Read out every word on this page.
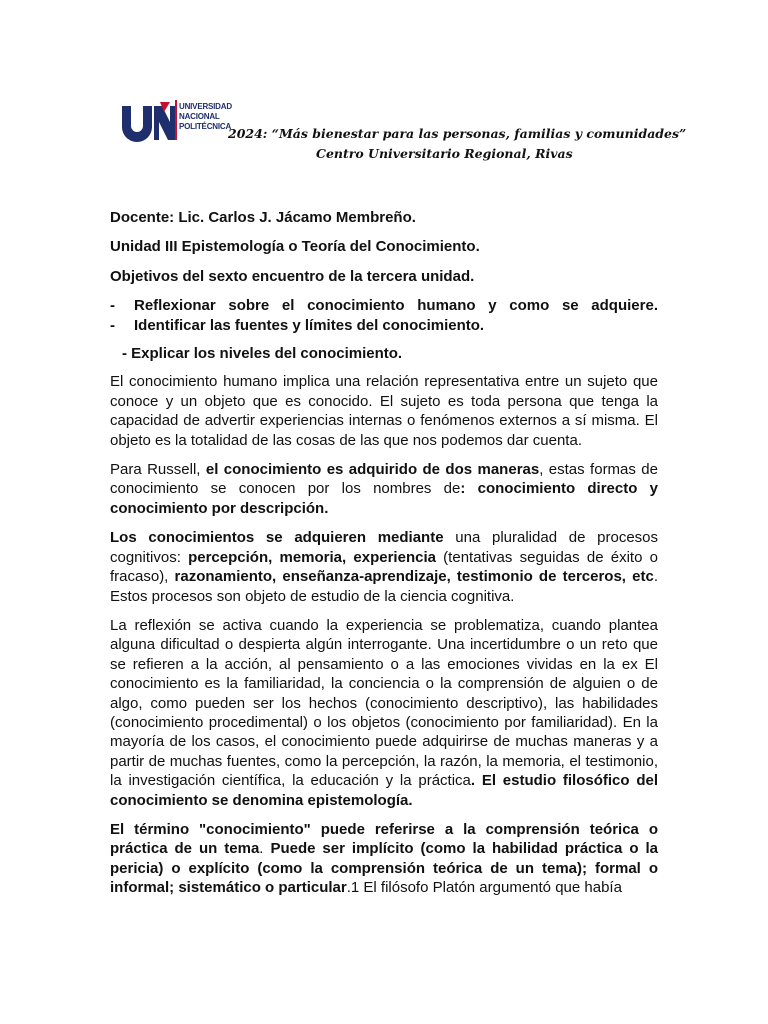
UNIVERSIDAD
NACIONAL
POLITÉCNICA
2024: “Más bienestar para las personas, familias y comunidades”
Centro Universitario Regional, Rivas

Docente: Lic. Carlos J. Jácamo Membreño.

Unidad III Epistemología o Teoría del Conocimiento.

Objetivos del sexto encuentro de la tercera unidad.

-	Reflexionar sobre el conocimiento humano y como se adquiere.

-	Identificar las fuentes y límites del conocimiento.

- Explicar los niveles del conocimiento.

El conocimiento humano implica una relación representativa entre un sujeto que conoce y un objeto que es conocido. El sujeto es toda persona que tenga la capacidad de advertir experiencias internas o fenómenos externos a sí misma. El objeto es la totalidad de las cosas de las que nos podemos dar cuenta.

Para Russell, el conocimiento es adquirido de dos maneras, estas formas de conocimiento se conocen por los nombres de: conocimiento directo y conocimiento por descripción.

Los conocimientos se adquieren mediante una pluralidad de procesos cognitivos: percepción, memoria, experiencia (tentativas seguidas de éxito o fracaso), razonamiento, enseñanza-aprendizaje, testimonio de terceros, etc. Estos procesos son objeto de estudio de la ciencia cognitiva.

La reflexión se activa cuando la experiencia se problematiza, cuando plantea alguna dificultad o despierta algún interrogante. Una incertidumbre o un reto que se refieren a la acción, al pensamiento o a las emociones vividas en la ex El conocimiento es la familiaridad, la conciencia o la comprensión de alguien o de algo, como pueden ser los hechos (conocimiento descriptivo), las habilidades (conocimiento procedimental) o los objetos (conocimiento por familiaridad). En la mayoría de los casos, el conocimiento puede adquirirse de muchas maneras y a partir de muchas fuentes, como la percepción, la razón, la memoria, el testimonio, la investigación científica, la educación y la práctica. El estudio filosófico del conocimiento se denomina epistemología.

El término "conocimiento" puede referirse a la comprensión teórica o práctica de un tema. Puede ser implícito (como la habilidad práctica o la pericia) o explícito (como la comprensión teórica de un tema); formal o informal; sistemático o particular.1 El filósofo Platón argumentó que había
